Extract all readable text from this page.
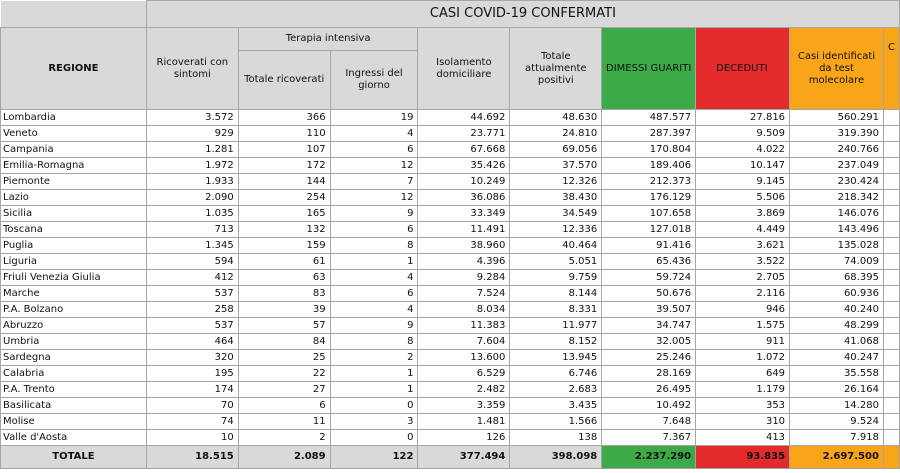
	CASI COVID-19 CONFERMATI								
REGIONE	Ricoverati con sintomi	Terapia intensiva		Isolamento domiciliare	Totale attualmente positivi	DIMESSI GUARITI	DECEDUTI	Casi identificati da test molecolare	C
		Totale ricoverati	Ingressi del giorno						
Lombardia	3.572	366	19	44.692	48.630	487.577	27.816	560.291	
Veneto	929	110	4	23.771	24.810	287.397	9.509	319.390	
Campania	1.281	107	6	67.668	69.056	170.804	4.022	240.766	
Emilia-Romagna	1.972	172	12	35.426	37.570	189.406	10.147	237.049	
Piemonte	1.933	144	7	10.249	12.326	212.373	9.145	230.424	
Lazio	2.090	254	12	36.086	38.430	176.129	5.506	218.342	
Sicilia	1.035	165	9	33.349	34.549	107.658	3.869	146.076	
Toscana	713	132	6	11.491	12.336	127.018	4.449	143.496	
Puglia	1.345	159	8	38.960	40.464	91.416	3.621	135.028	
Liguria	594	61	1	4.396	5.051	65.436	3.522	74.009	
Friuli Venezia Giulia	412	63	4	9.284	9.759	59.724	2.705	68.395	
Marche	537	83	6	7.524	8.144	50.676	2.116	60.936	
P.A. Bolzano	258	39	4	8.034	8.331	39.507	946	40.240	
Abruzzo	537	57	9	11.383	11.977	34.747	1.575	48.299	
Umbria	464	84	8	7.604	8.152	32.005	911	41.068	
Sardegna	320	25	2	13.600	13.945	25.246	1.072	40.247	
Calabria	195	22	1	6.529	6.746	28.169	649	35.558	
P.A. Trento	174	27	1	2.482	2.683	26.495	1.179	26.164	
Basilicata	70	6	0	3.359	3.435	10.492	353	14.280	
Molise	74	11	3	1.481	1.566	7.648	310	9.524	
Valle d'Aosta	10	2	0	126	138	7.367	413	7.918	
TOTALE	18.515	2.089	122	377.494	398.098	2.237.290	93.835	2.697.500	
